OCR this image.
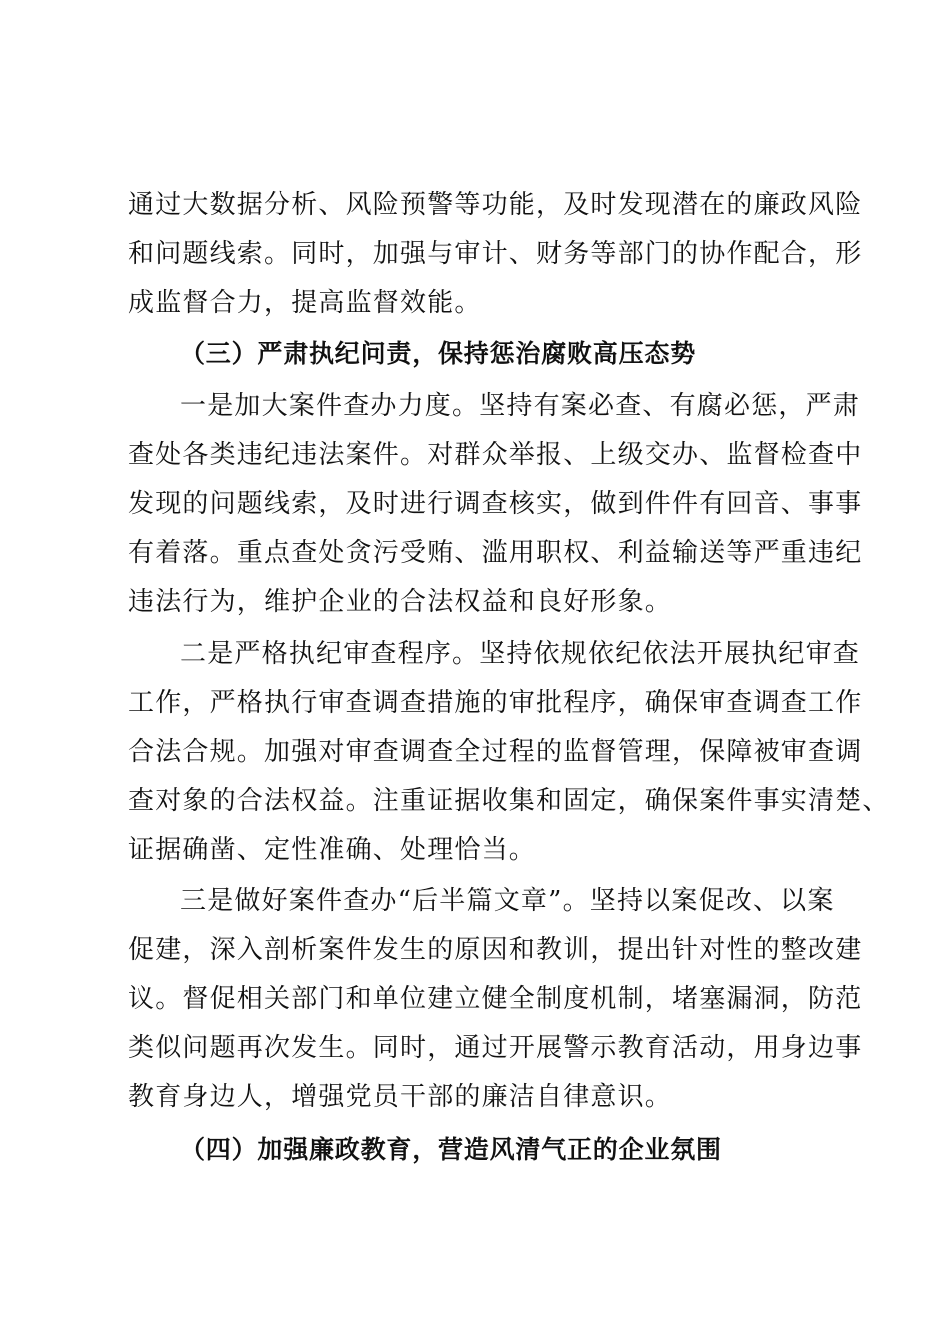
通过大数据分析、风险预警等功能，及时发现潜在的廉政风险
和问题线索。同时，加强与审计、财务等部门的协作配合，形
成监督合力，提高监督效能。
（三）严肃执纪问责，保持惩治腐败高压态势
一是加大案件查办力度。坚持有案必查、有腐必惩，严肃
查处各类违纪违法案件。对群众举报、上级交办、监督检查中
发现的问题线索，及时进行调查核实，做到件件有回音、事事
有着落。重点查处贪污受贿、滥用职权、利益输送等严重违纪
违法行为，维护企业的合法权益和良好形象。
二是严格执纪审查程序。坚持依规依纪依法开展执纪审查
工作，严格执行审查调查措施的审批程序，确保审查调查工作
合法合规。加强对审查调查全过程的监督管理，保障被审查调
查对象的合法权益。注重证据收集和固定，确保案件事实清楚、
证据确凿、定性准确、处理恰当。
三是做好案件查办“后半篇文章”。坚持以案促改、以案
促建，深入剖析案件发生的原因和教训，提出针对性的整改建
议。督促相关部门和单位建立健全制度机制，堵塞漏洞，防范
类似问题再次发生。同时，通过开展警示教育活动，用身边事
教育身边人，增强党员干部的廉洁自律意识。
（四）加强廉政教育，营造风清气正的企业氛围
